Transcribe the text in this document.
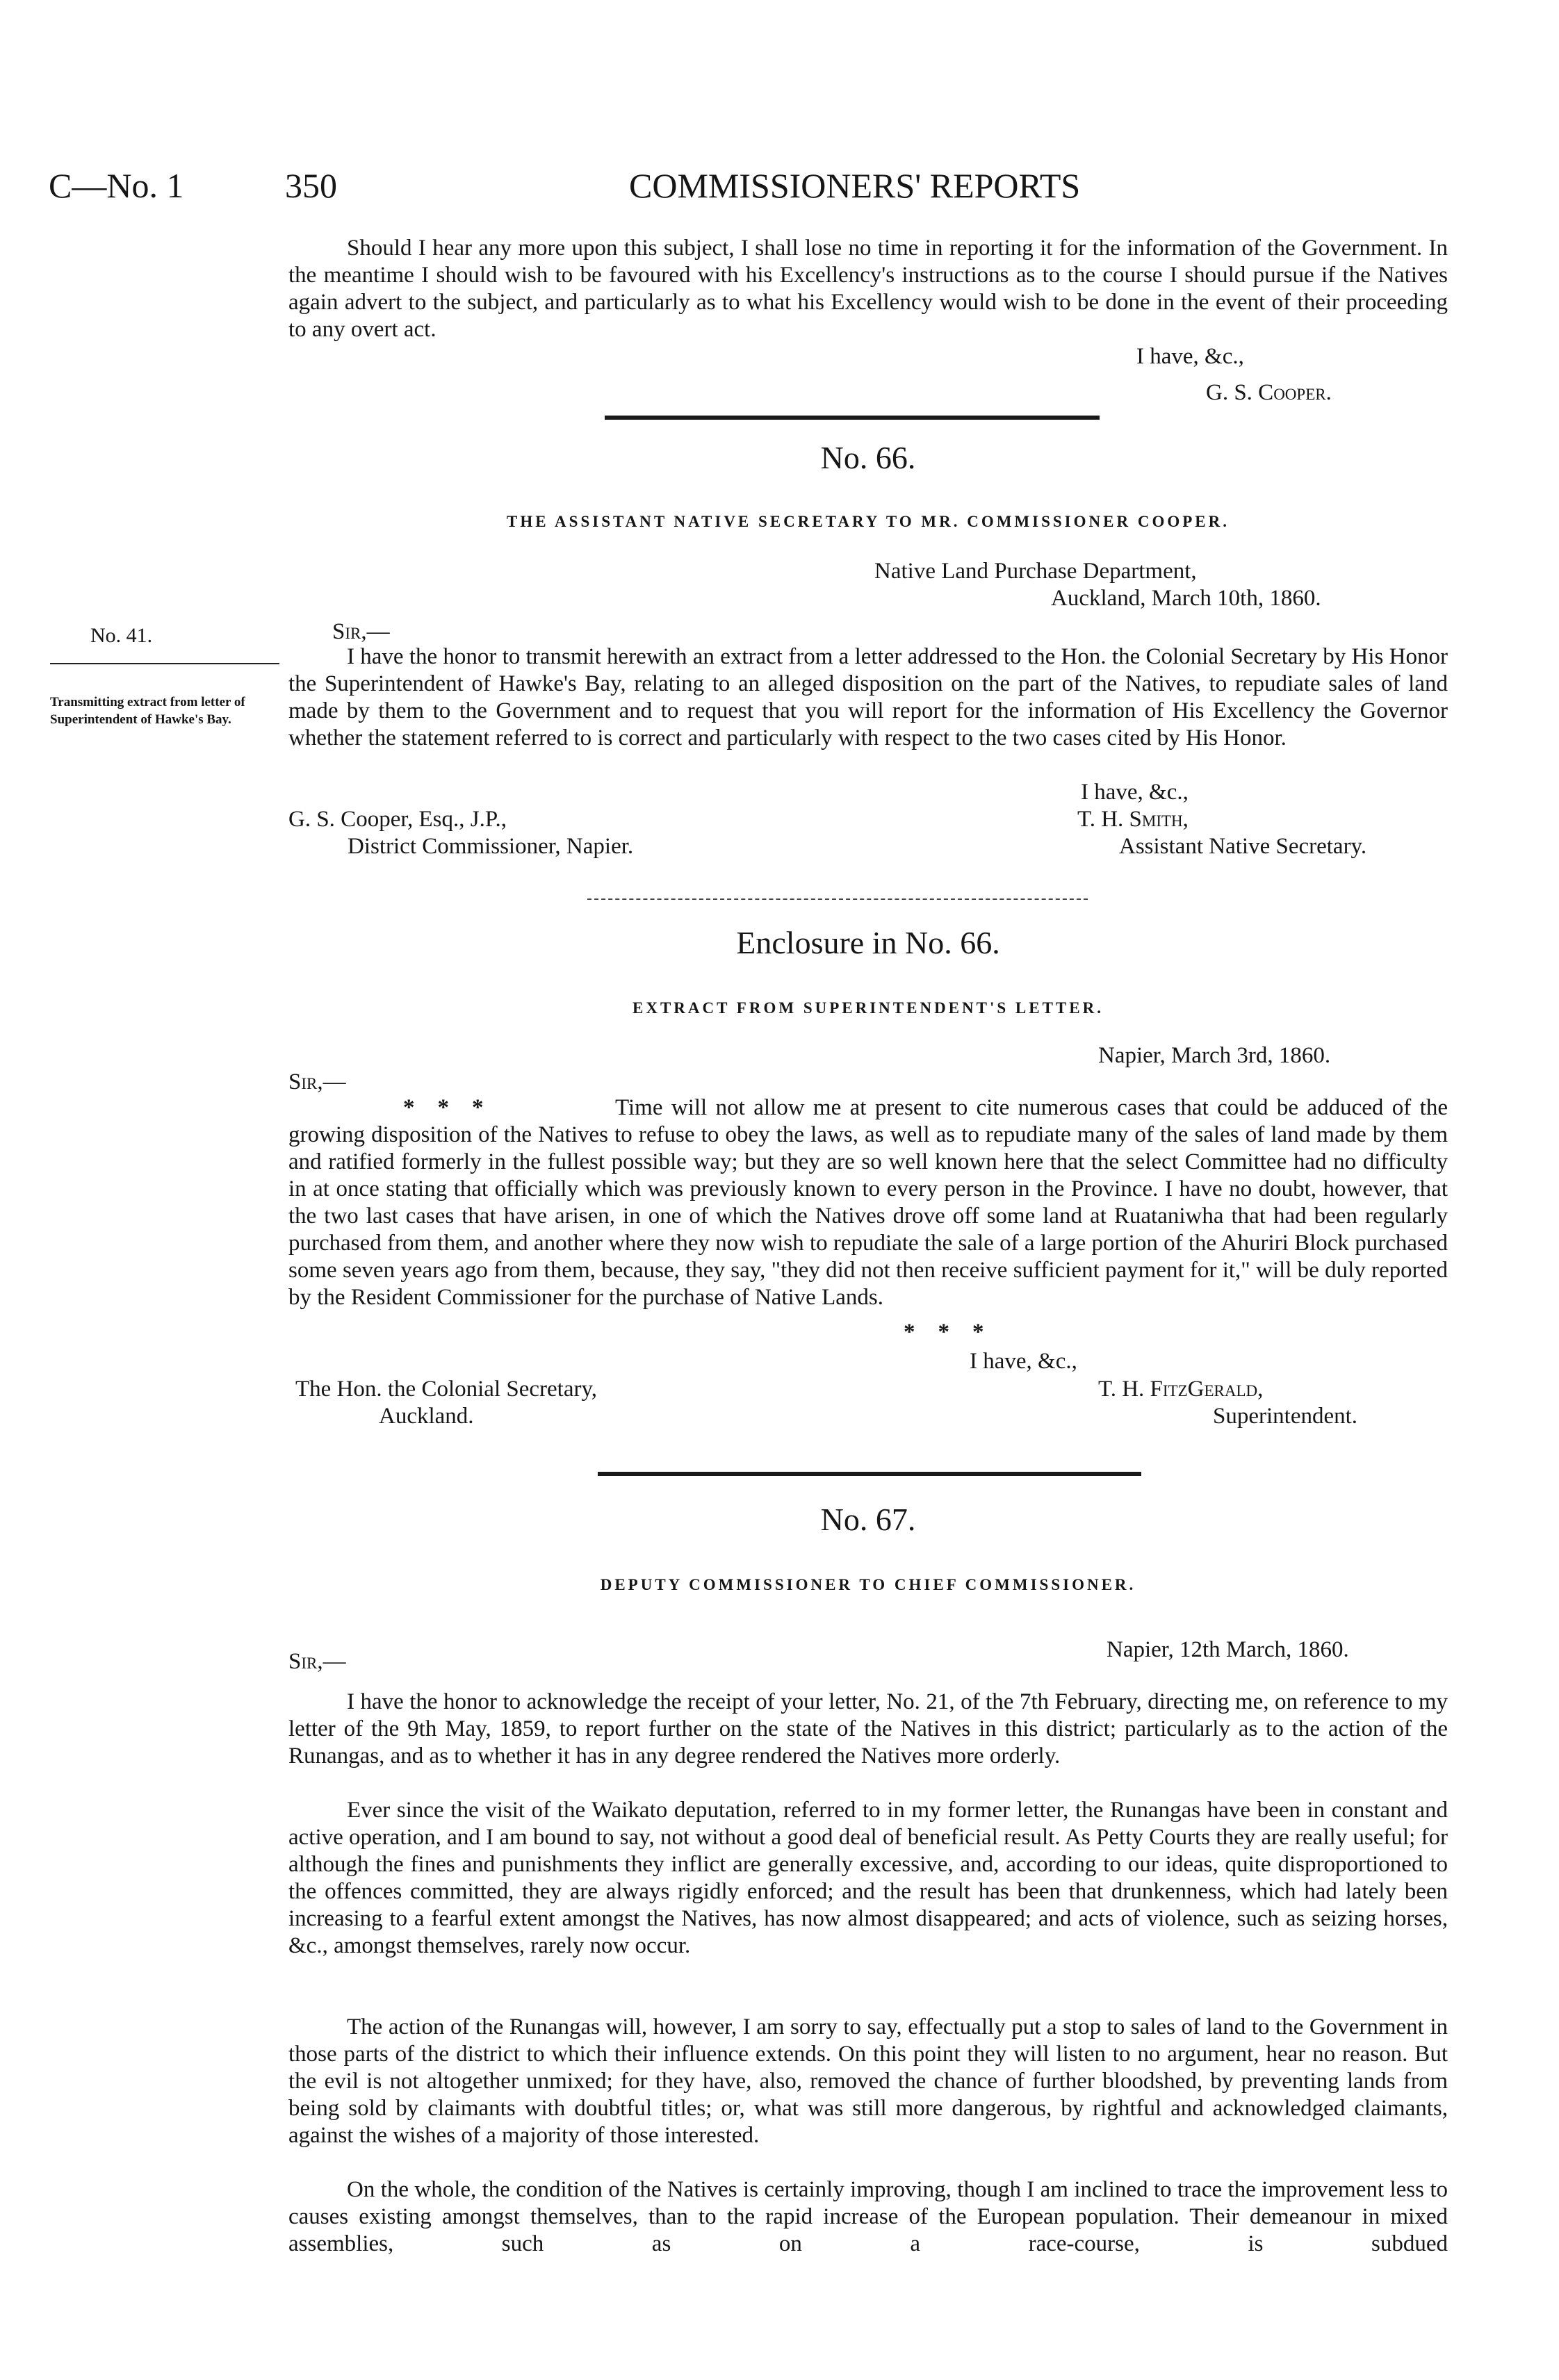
C—No. 1	350	COMMISSIONERS' REPORTS

Should I hear any more upon this subject, I shall lose no time in reporting it for the information of the Government. In the meantime I should wish to be favoured with his Excellency's instructions as to the course I should pursue if the Natives again advert to the subject, and particularly as to what his Excellency would wish to be done in the event of their proceeding to any overt act.

I have, &c.,
G. S. Cooper.
No. 66.
THE ASSISTANT NATIVE SECRETARY TO MR. COMMISSIONER COOPER.
Native Land Purchase Department,
Auckland, March 10th, 1860.
No. 41.
Transmitting extract from letter of Superintendent of Hawke's Bay.
Sir,—

I have the honor to transmit herewith an extract from a letter addressed to the Hon. the Colonial Secretary by His Honor the Superintendent of Hawke's Bay, relating to an alleged disposition on the part of the Natives, to repudiate sales of land made by them to the Government and to request that you will report for the information of His Excellency the Governor whether the statement referred to is correct and particularly with respect to the two cases cited by His Honor.

I have, &c.,
G. S. Cooper, Esq., J.P.,
District Commissioner, Napier.
T. H. Smith,
Assistant Native Secretary.
Enclosure in No. 66.
EXTRACT FROM SUPERINTENDENT'S LETTER.
Napier, March 3rd, 1860.
Sir,—
*    *    *	Time will not allow me at present to cite numerous cases that could be adduced of the growing disposition of the Natives to refuse to obey the laws, as well as to repudiate many of the sales of land made by them and ratified formerly in the fullest possible way; but they are so well known here that the select Committee had no difficulty in at once stating that officially which was previously known to every person in the Province. I have no doubt, however, that the two last cases that have arisen, in one of which the Natives drove off some land at Ruataniwha that had been regularly purchased from them, and another where they now wish to repudiate the sale of a large portion of the Ahuriri Block purchased some seven years ago from them, because, they say, "they did not then receive sufficient payment for it," will be duly reported by the Resident Commissioner for the purchase of Native Lands.

*    *    *
I have, &c.,
The Hon. the Colonial Secretary,
Auckland.
T. H. FitzGerald,
Superintendent.
No. 67.
DEPUTY COMMISSIONER TO CHIEF COMMISSIONER.
Napier, 12th March, 1860.
Sir,—

I have the honor to acknowledge the receipt of your letter, No. 21, of the 7th February, directing me, on reference to my letter of the 9th May, 1859, to report further on the state of the Natives in this district; particularly as to the action of the Runangas, and as to whether it has in any degree rendered the Natives more orderly.

Ever since the visit of the Waikato deputation, referred to in my former letter, the Runangas have been in constant and active operation, and I am bound to say, not without a good deal of beneficial result. As Petty Courts they are really useful; for although the fines and punishments they inflict are generally excessive, and, according to our ideas, quite disproportioned to the offences committed, they are always rigidly enforced; and the result has been that drunkenness, which had lately been increasing to a fearful extent amongst the Natives, has now almost disappeared; and acts of violence, such as seizing horses, &c., amongst themselves, rarely now occur.

The action of the Runangas will, however, I am sorry to say, effectually put a stop to sales of land to the Government in those parts of the district to which their influence extends. On this point they will listen to no argument, hear no reason. But the evil is not altogether unmixed; for they have, also, removed the chance of further bloodshed, by preventing lands from being sold by claimants with doubtful titles; or, what was still more dangerous, by rightful and acknowledged claimants, against the wishes of a majority of those interested.

On the whole, the condition of the Natives is certainly improving, though I am inclined to trace the improvement less to causes existing amongst themselves, than to the rapid increase of the European population. Their demeanour in mixed assemblies, such as on a race-course, is subdued
